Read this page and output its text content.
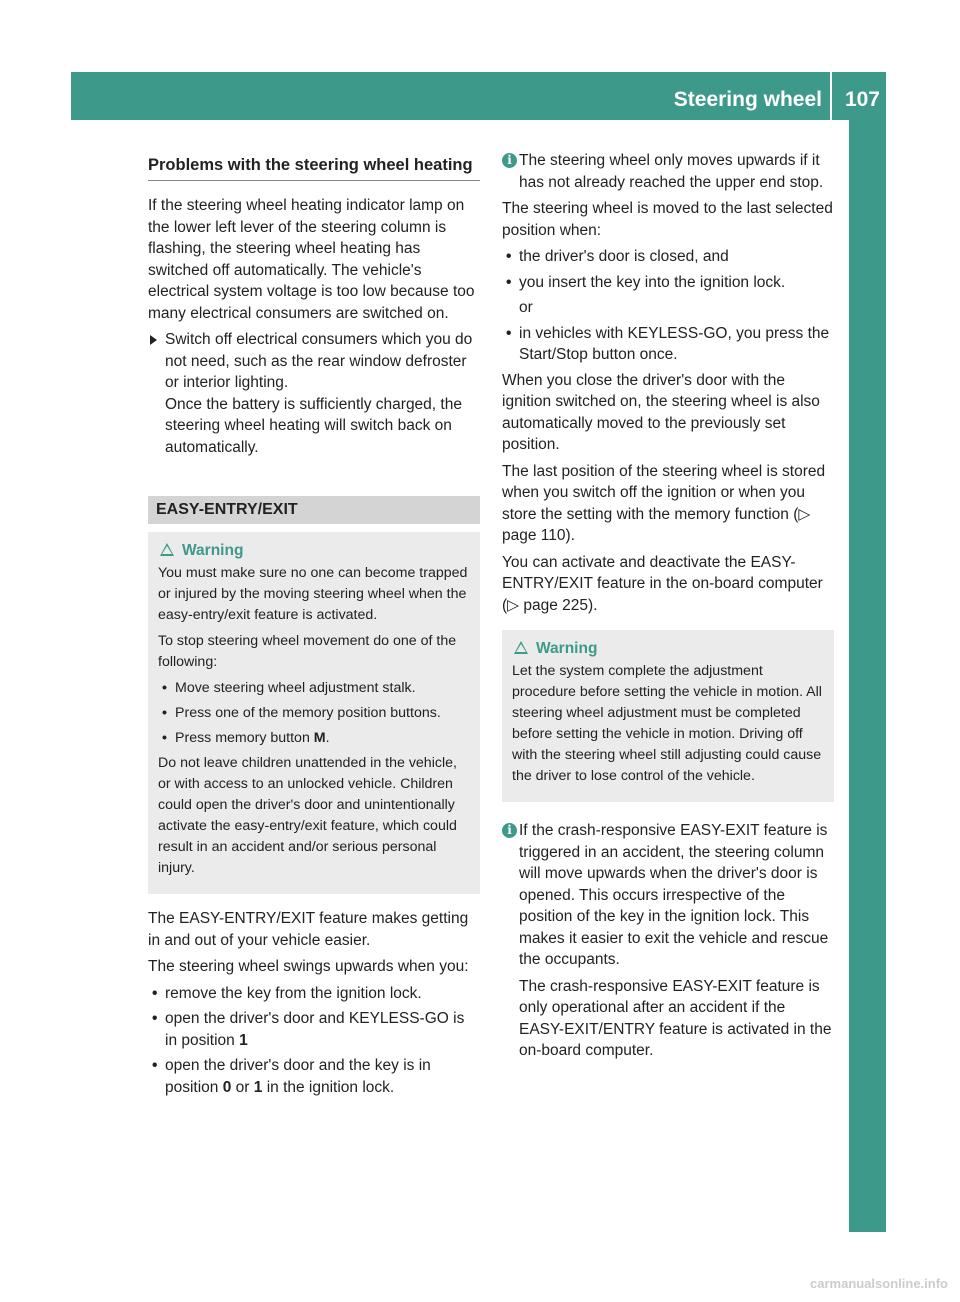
Steering wheel 107
Seats, steering wheel and mirrors
Problems with the steering wheel heating

If the steering wheel heating indicator lamp on the lower left lever of the steering column is flashing, the steering wheel heating has switched off automatically. The vehicle's electrical system voltage is too low because too many electrical consumers are switched on.

Switch off electrical consumers which you do not need, such as the rear window defroster or interior lighting.
Once the battery is sufficiently charged, the steering wheel heating will switch back on automatically.
EASY-ENTRY/EXIT
Warning

You must make sure no one can become trapped or injured by the moving steering wheel when the easy-entry/exit feature is activated.

To stop steering wheel movement do one of the following:

• Move steering wheel adjustment stalk.
• Press one of the memory position buttons.
• Press memory button M.

Do not leave children unattended in the vehicle, or with access to an unlocked vehicle. Children could open the driver's door and unintentionally activate the easy-entry/exit feature, which could result in an accident and/or serious personal injury.

The EASY-ENTRY/EXIT feature makes getting in and out of your vehicle easier.

The steering wheel swings upwards when you:

• remove the key from the ignition lock.
• open the driver's door and KEYLESS-GO is in position 1
• open the driver's door and the key is in position 0 or 1 in the ignition lock.
i The steering wheel only moves upwards if it has not already reached the upper end stop.

The steering wheel is moved to the last selected position when:

• the driver's door is closed, and
• you insert the key into the ignition lock.
or
• in vehicles with KEYLESS-GO, you press the Start/Stop button once.

When you close the driver's door with the ignition switched on, the steering wheel is also automatically moved to the previously set position.

The last position of the steering wheel is stored when you switch off the ignition or when you store the setting with the memory function (▷ page 110).

You can activate and deactivate the EASY-ENTRY/EXIT feature in the on-board computer (▷ page 225).

Warning

Let the system complete the adjustment procedure before setting the vehicle in motion. All steering wheel adjustment must be completed before setting the vehicle in motion. Driving off with the steering wheel still adjusting could cause the driver to lose control of the vehicle.

i If the crash-responsive EASY-EXIT feature is triggered in an accident, the steering column will move upwards when the driver's door is opened. This occurs irrespective of the position of the key in the ignition lock. This makes it easier to exit the vehicle and rescue the occupants.
The crash-responsive EASY-EXIT feature is only operational after an accident if the EASY-EXIT/ENTRY feature is activated in the on-board computer.
carmanualsonline.info
